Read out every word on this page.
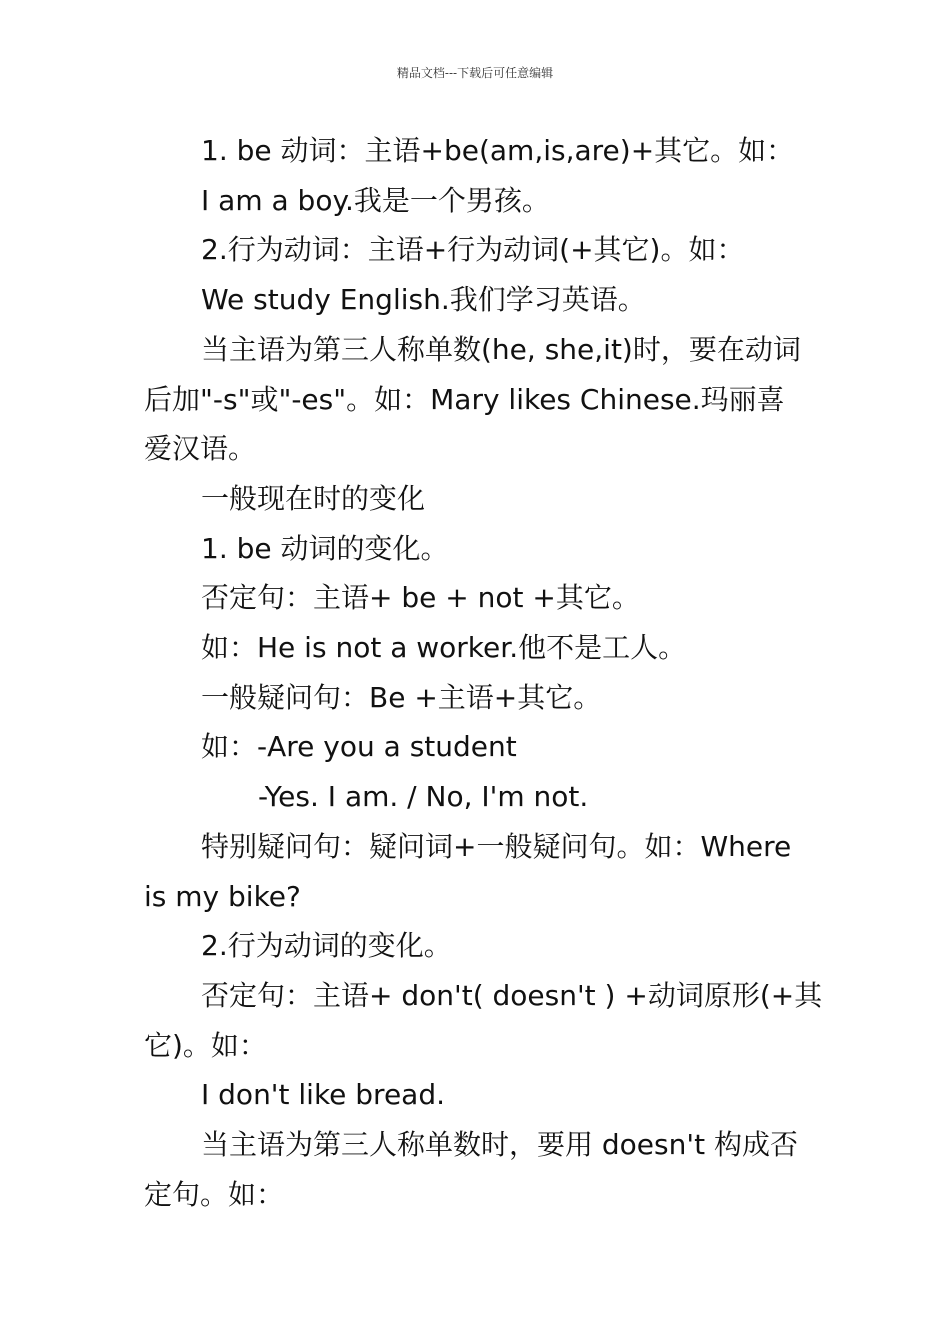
精品文档---下载后可任意编辑

1. be 动词：主语+be(am,is,are)+其它。如：

I am a boy.我是一个男孩。

2.行为动词：主语+行为动词(+其它)。如：

We study English.我们学习英语。

当主语为第三人称单数(he, she,it)时，要在动词

后加"-s"或"-es"。如：Mary likes Chinese.玛丽喜

爱汉语。

一般现在时的变化

1. be 动词的变化。

否定句：主语+ be + not +其它。

如：He is not a worker.他不是工人。

一般疑问句：Be +主语+其它。

如：-Are you a student

-Yes. I am. / No, I'm not.

特别疑问句：疑问词+一般疑问句。如：Where

is my bike?

2.行为动词的变化。

否定句：主语+ don't( doesn't ) +动词原形(+其

它)。如：

I don't like bread.

当主语为第三人称单数时，要用 doesn't 构成否

定句。如：
